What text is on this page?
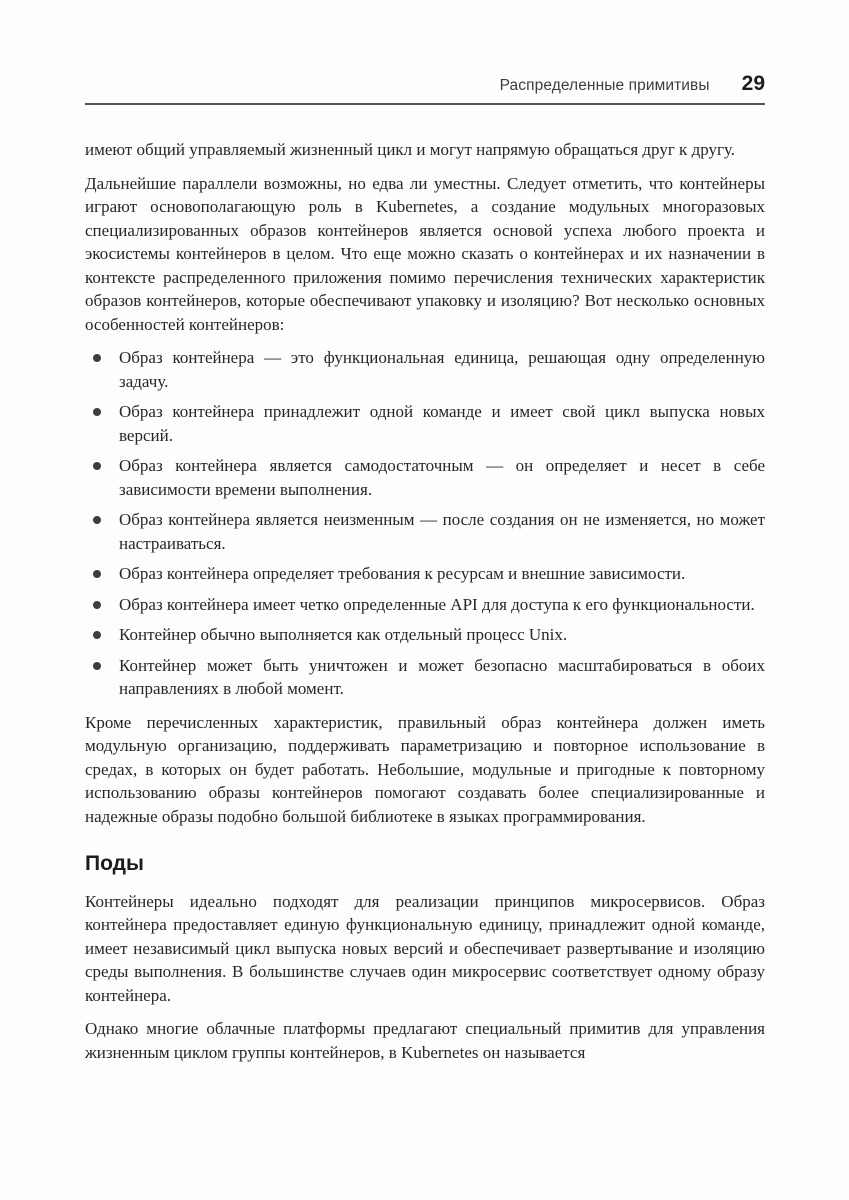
Распределенные примитивы 29

имеют общий управляемый жизненный цикл и могут напрямую обращаться друг к другу.

Дальнейшие параллели возможны, но едва ли уместны. Следует отметить, что контейнеры играют основополагающую роль в Kubernetes, а создание модульных многоразовых специализированных образов контейнеров является основой успеха любого проекта и экосистемы контейнеров в целом. Что еще можно сказать о контейнерах и их назначении в контексте распределенного приложения помимо перечисления технических характеристик образов контейнеров, которые обеспечивают упаковку и изоляцию? Вот несколько основных особенностей контейнеров:

Образ контейнера — это функциональная единица, решающая одну определенную задачу.
Образ контейнера принадлежит одной команде и имеет свой цикл выпуска новых версий.
Образ контейнера является самодостаточным — он определяет и несет в себе зависимости времени выполнения.
Образ контейнера является неизменным — после создания он не изменяется, но может настраиваться.
Образ контейнера определяет требования к ресурсам и внешние зависимости.
Образ контейнера имеет четко определенные API для доступа к его функциональности.
Контейнер обычно выполняется как отдельный процесс Unix.
Контейнер может быть уничтожен и может безопасно масштабироваться в обоих направлениях в любой момент.

Кроме перечисленных характеристик, правильный образ контейнера должен иметь модульную организацию, поддерживать параметризацию и повторное использование в средах, в которых он будет работать. Небольшие, модульные и пригодные к повторному использованию образы контейнеров помогают создавать более специализированные и надежные образы подобно большой библиотеке в языках программирования.

Поды

Контейнеры идеально подходят для реализации принципов микросервисов. Образ контейнера предоставляет единую функциональную единицу, принадлежит одной команде, имеет независимый цикл выпуска новых версий и обеспечивает развертывание и изоляцию среды выполнения. В большинстве случаев один микросервис соответствует одному образу контейнера.

Однако многие облачные платформы предлагают специальный примитив для управления жизненным циклом группы контейнеров, в Kubernetes он называется
